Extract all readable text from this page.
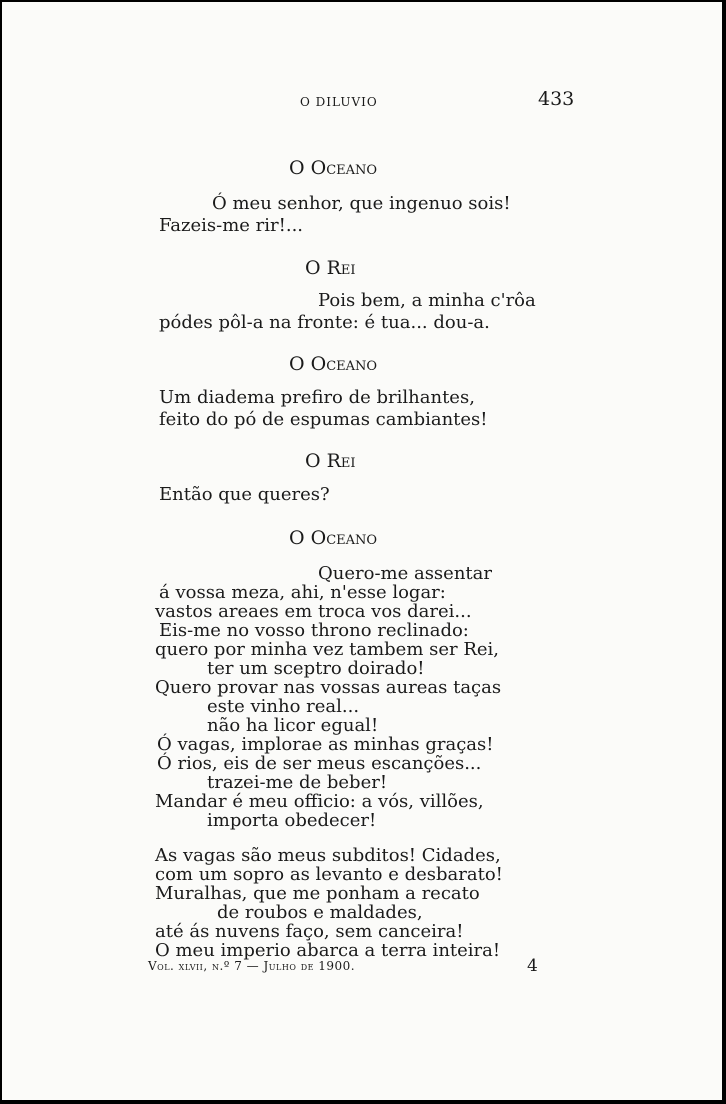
O DILUVIO	433
O Oceano
Ó meu senhor, que ingenuo sois!
Fazeis-me rir!...
O Rei
Pois bem, a minha c'rôa
pódes pôl-a na fronte: é tua... dou-a.
O Oceano
Um diadema prefiro de brilhantes,
feito do pó de espumas cambiantes!
O Rei
Então que queres?
O Oceano
Quero-me assentar
á vossa meza, ahi, n'esse logar:
vastos areaes em troca vos darei...
Eis-me no vosso throno reclinado:
quero por minha vez tambem ser Rei,
ter um sceptro doirado!
Quero provar nas vossas aureas taças
este vinho real...
não ha licor egual!
Ó vagas, implorae as minhas graças!
Ó rios, eis de ser meus escanções...
trazei-me de beber!
Mandar é meu officio: a vós, villões,
importa obedecer!
As vagas são meus subditos! Cidades,
com um sopro as levanto e desbarato!
Muralhas, que me ponham a recato
de roubos e maldades,
até ás nuvens faço, sem canceira!
O meu imperio abarca a terra inteira!
Vol. xlvii, n.º 7 — Julho de 1900.	4
